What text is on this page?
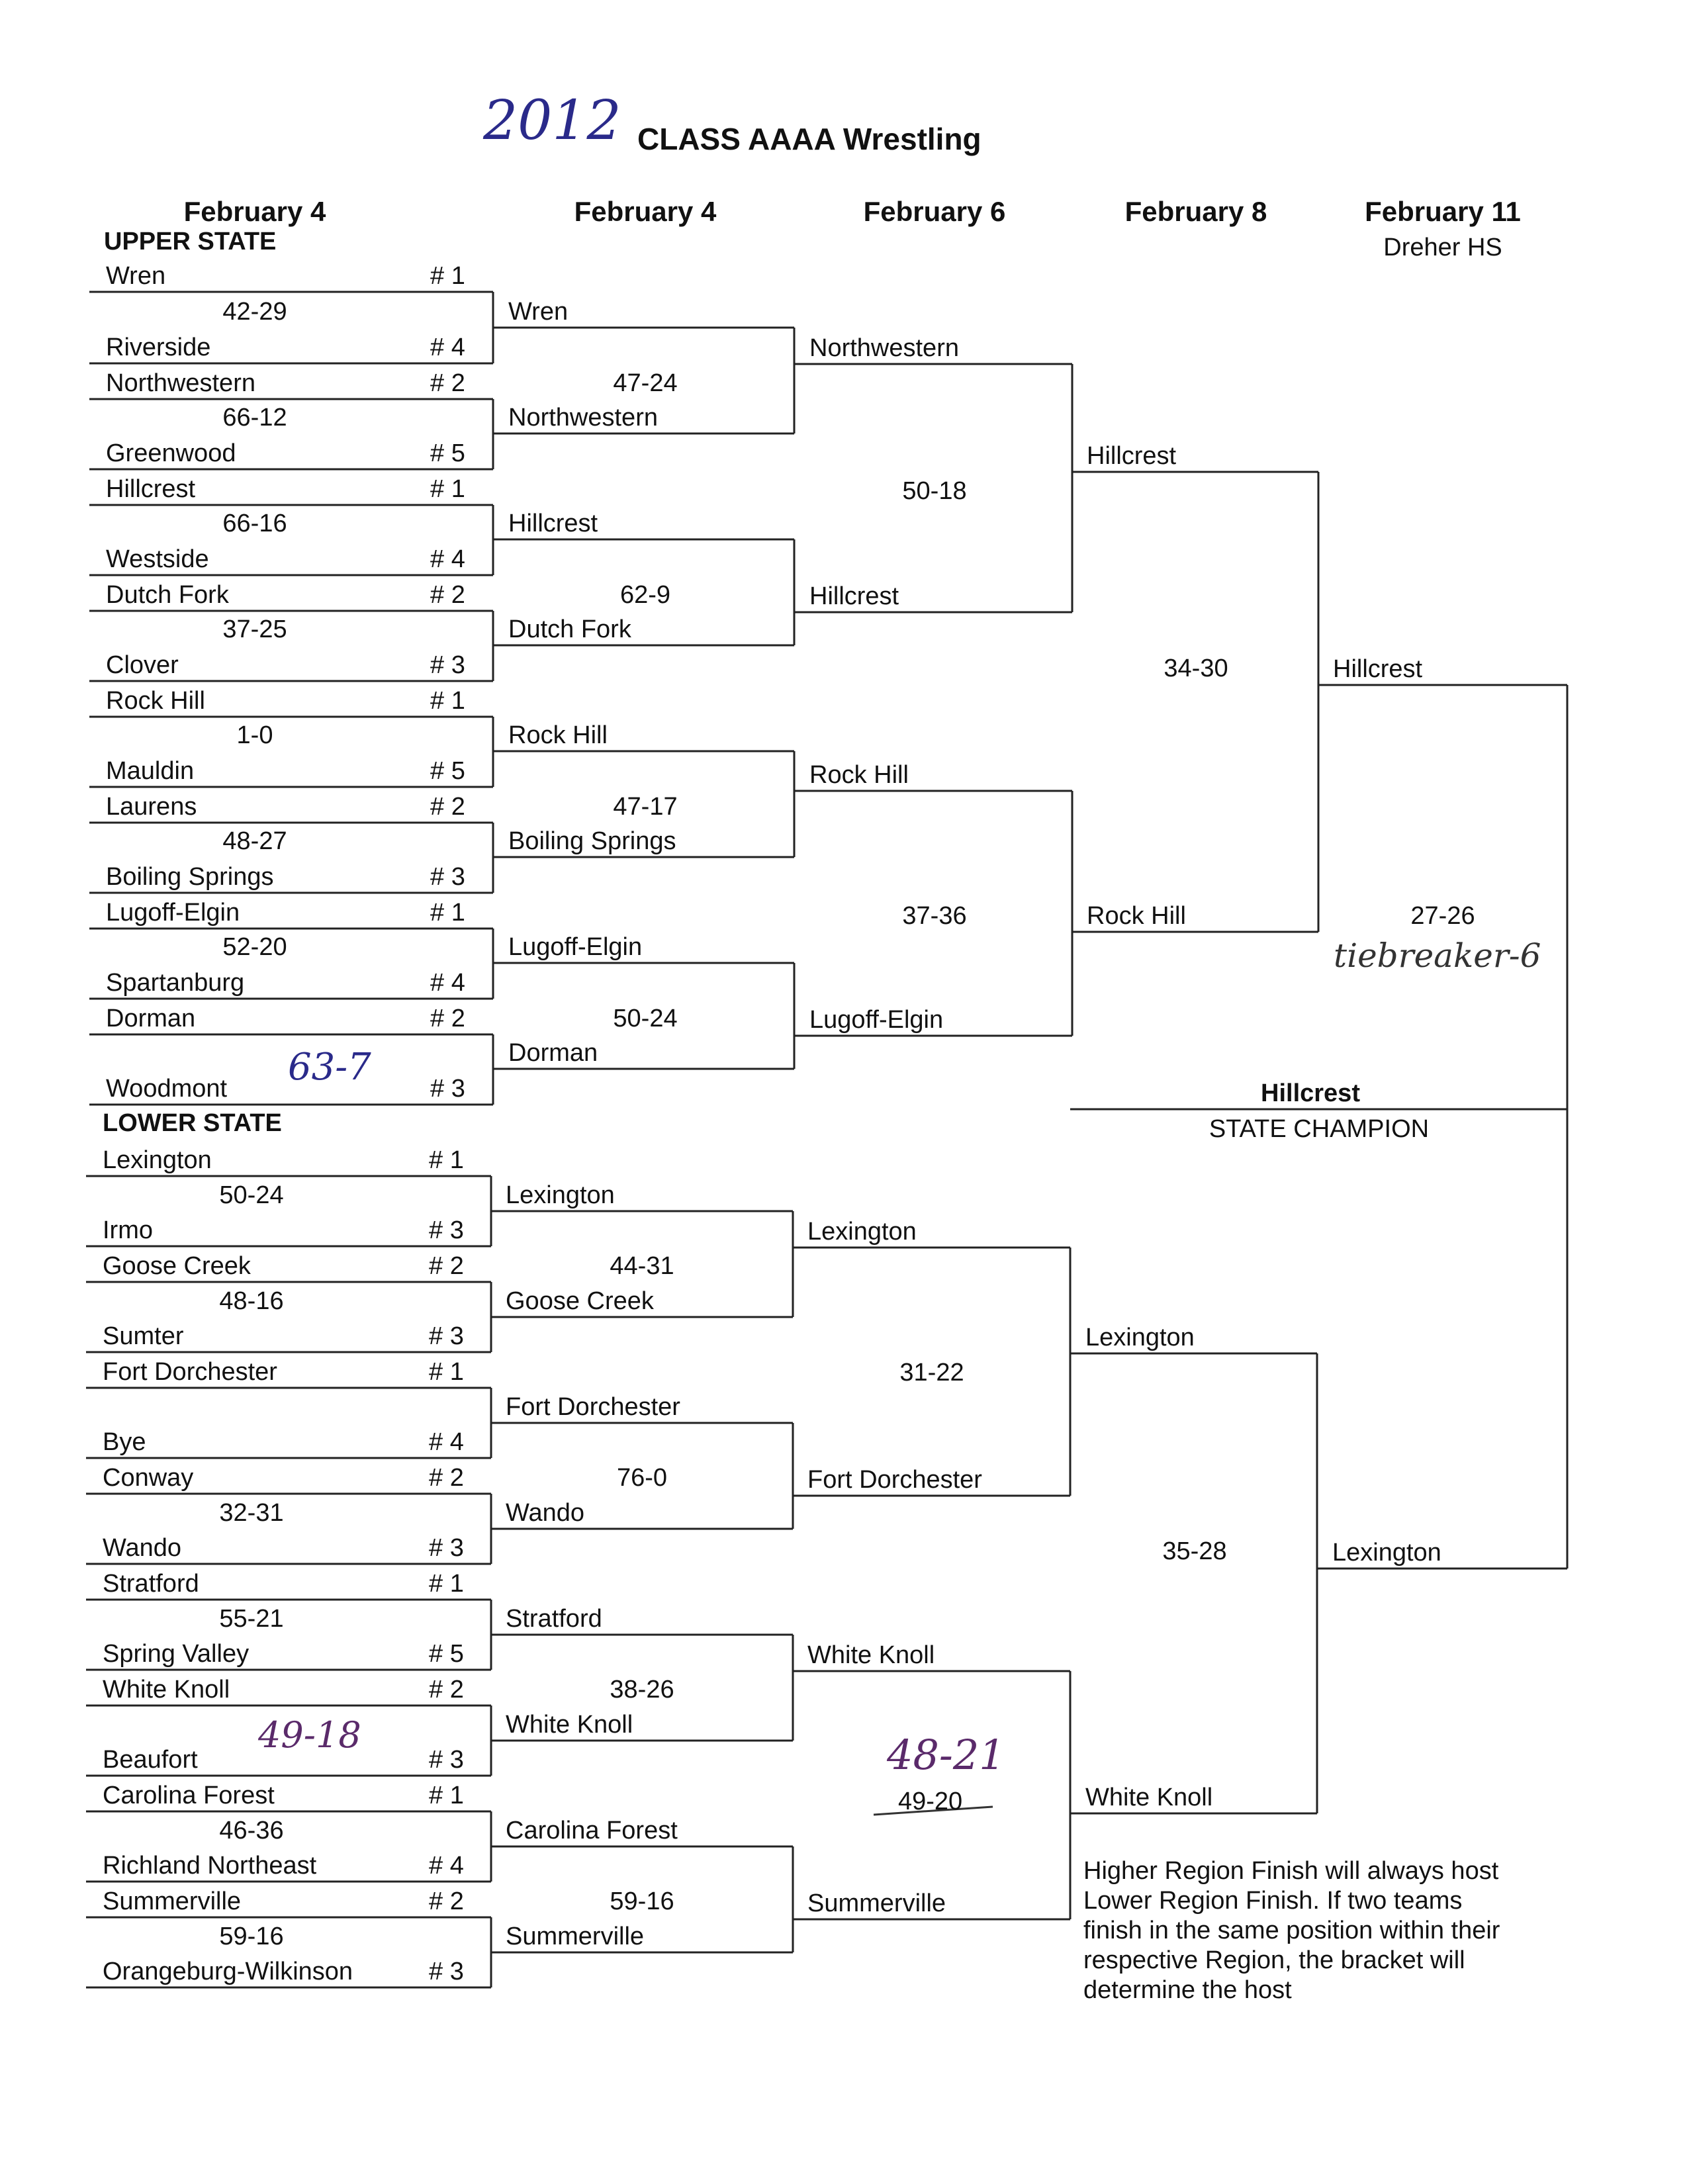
2012 CLASS AAAA Wrestling
February 4	February 4	February 6	February 8	February 11
Dreher HS
UPPER STATE
LOWER STATE
Wren	# 1
Riverside	# 4
Northwestern	# 2
Greenwood	# 5
Hillcrest	# 1
Westside	# 4
Dutch Fork	# 2
Clover	# 3
Rock Hill	# 1
Mauldin	# 5
Laurens	# 2
Boiling Springs	# 3
Lugoff-Elgin	# 1
Spartanburg	# 4
Dorman	# 2
Woodmont	# 3
42-29
66-12
66-16
37-25
1-0
48-27
52-20
63-7
Wren
Northwestern
Hillcrest
Dutch Fork
Rock Hill
Boiling Springs
Lugoff-Elgin
Dorman
47-24
62-9
47-17
50-24
Northwestern
Hillcrest
Rock Hill
Lugoff-Elgin
50-18
37-36
Hillcrest
Rock Hill
34-30	Hillcrest
Lexington	# 1
Irmo	# 3
Goose Creek	# 2
Sumter	# 3
Fort Dorchester	# 1
Bye	# 4
Conway	# 2
Wando	# 3
Stratford	# 1
Spring Valley	# 5
White Knoll	# 2
Beaufort	# 3
Carolina Forest	# 1
Richland Northeast	# 4
Summerville	# 2
Orangeburg-Wilkinson	# 3
50-24
48-16
32-31
55-21
46-36
59-16
49-18
Lexington
Goose Creek
Fort Dorchester
Wando
Stratford
White Knoll
Carolina Forest
Summerville
44-31
76-0
38-26
59-16
Lexington
Fort Dorchester
White Knoll
Summerville
31-22
48-21
49-20
Lexington
White Knoll
35-28	Lexington
27-26
tiebreaker-6
Hillcrest
STATE CHAMPION
Higher Region Finish will always host
Lower Region Finish. If two teams
finish in the same position within their
respective Region, the bracket will
determine the host
